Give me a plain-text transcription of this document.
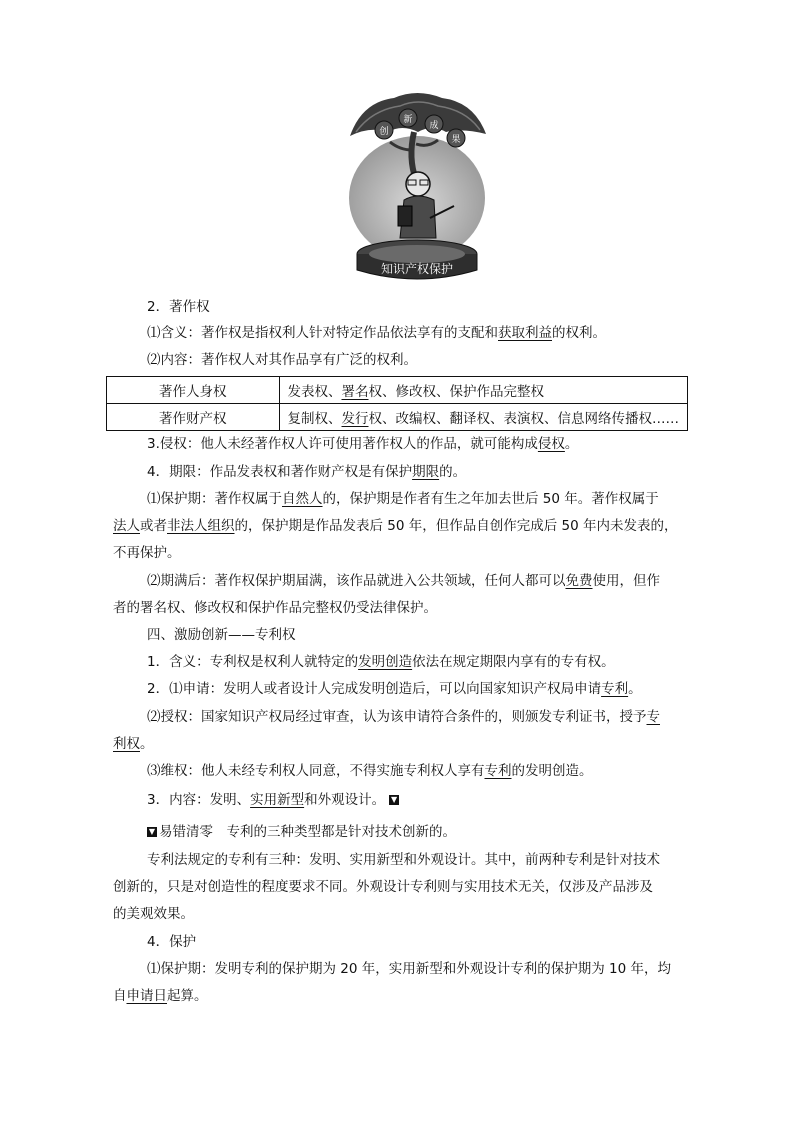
创
新
成
果
知识产权保护
2．著作权
⑴含义：著作权是指权利人针对特定作品依法享有的支配和获取利益的权利。
⑵内容：著作权人对其作品享有广泛的权利。
著作人身权	发表权、署名权、修改权、保护作品完整权
著作财产权	复制权、发行权、改编权、翻译权、表演权、信息网络传播权……
3.侵权：他人未经著作权人许可使用著作权人的作品，就可能构成侵权。
4．期限：作品发表权和著作财产权是有保护期限的。
⑴保护期：著作权属于自然人的，保护期是作者有生之年加去世后 50 年。著作权属于
法人或者非法人组织的，保护期是作品发表后 50 年，但作品自创作完成后 50 年内未发表的，
不再保护。
⑵期满后：著作权保护期届满，该作品就进入公共领域，任何人都可以免费使用，但作
者的署名权、修改权和保护作品完整权仍受法律保护。
四、激励创新——专利权
1．含义：专利权是权利人就特定的发明创造依法在规定期限内享有的专有权。
2．⑴申请：发明人或者设计人完成发明创造后，可以向国家知识产权局申请专利。
⑵授权：国家知识产权局经过审查，认为该申请符合条件的，则颁发专利证书，授予专
利权。
⑶维权：他人未经专利权人同意，不得实施专利权人享有专利的发明创造。
3．内容：发明、实用新型和外观设计。 ▼
▼ 易错清零　专利的三种类型都是针对技术创新的。
专利法规定的专利有三种：发明、实用新型和外观设计。其中，前两种专利是针对技术
创新的，只是对创造性的程度要求不同。外观设计专利则与实用技术无关，仅涉及产品涉及
的美观效果。
4．保护
⑴保护期：发明专利的保护期为 20 年，实用新型和外观设计专利的保护期为 10 年，均
自申请日起算。
